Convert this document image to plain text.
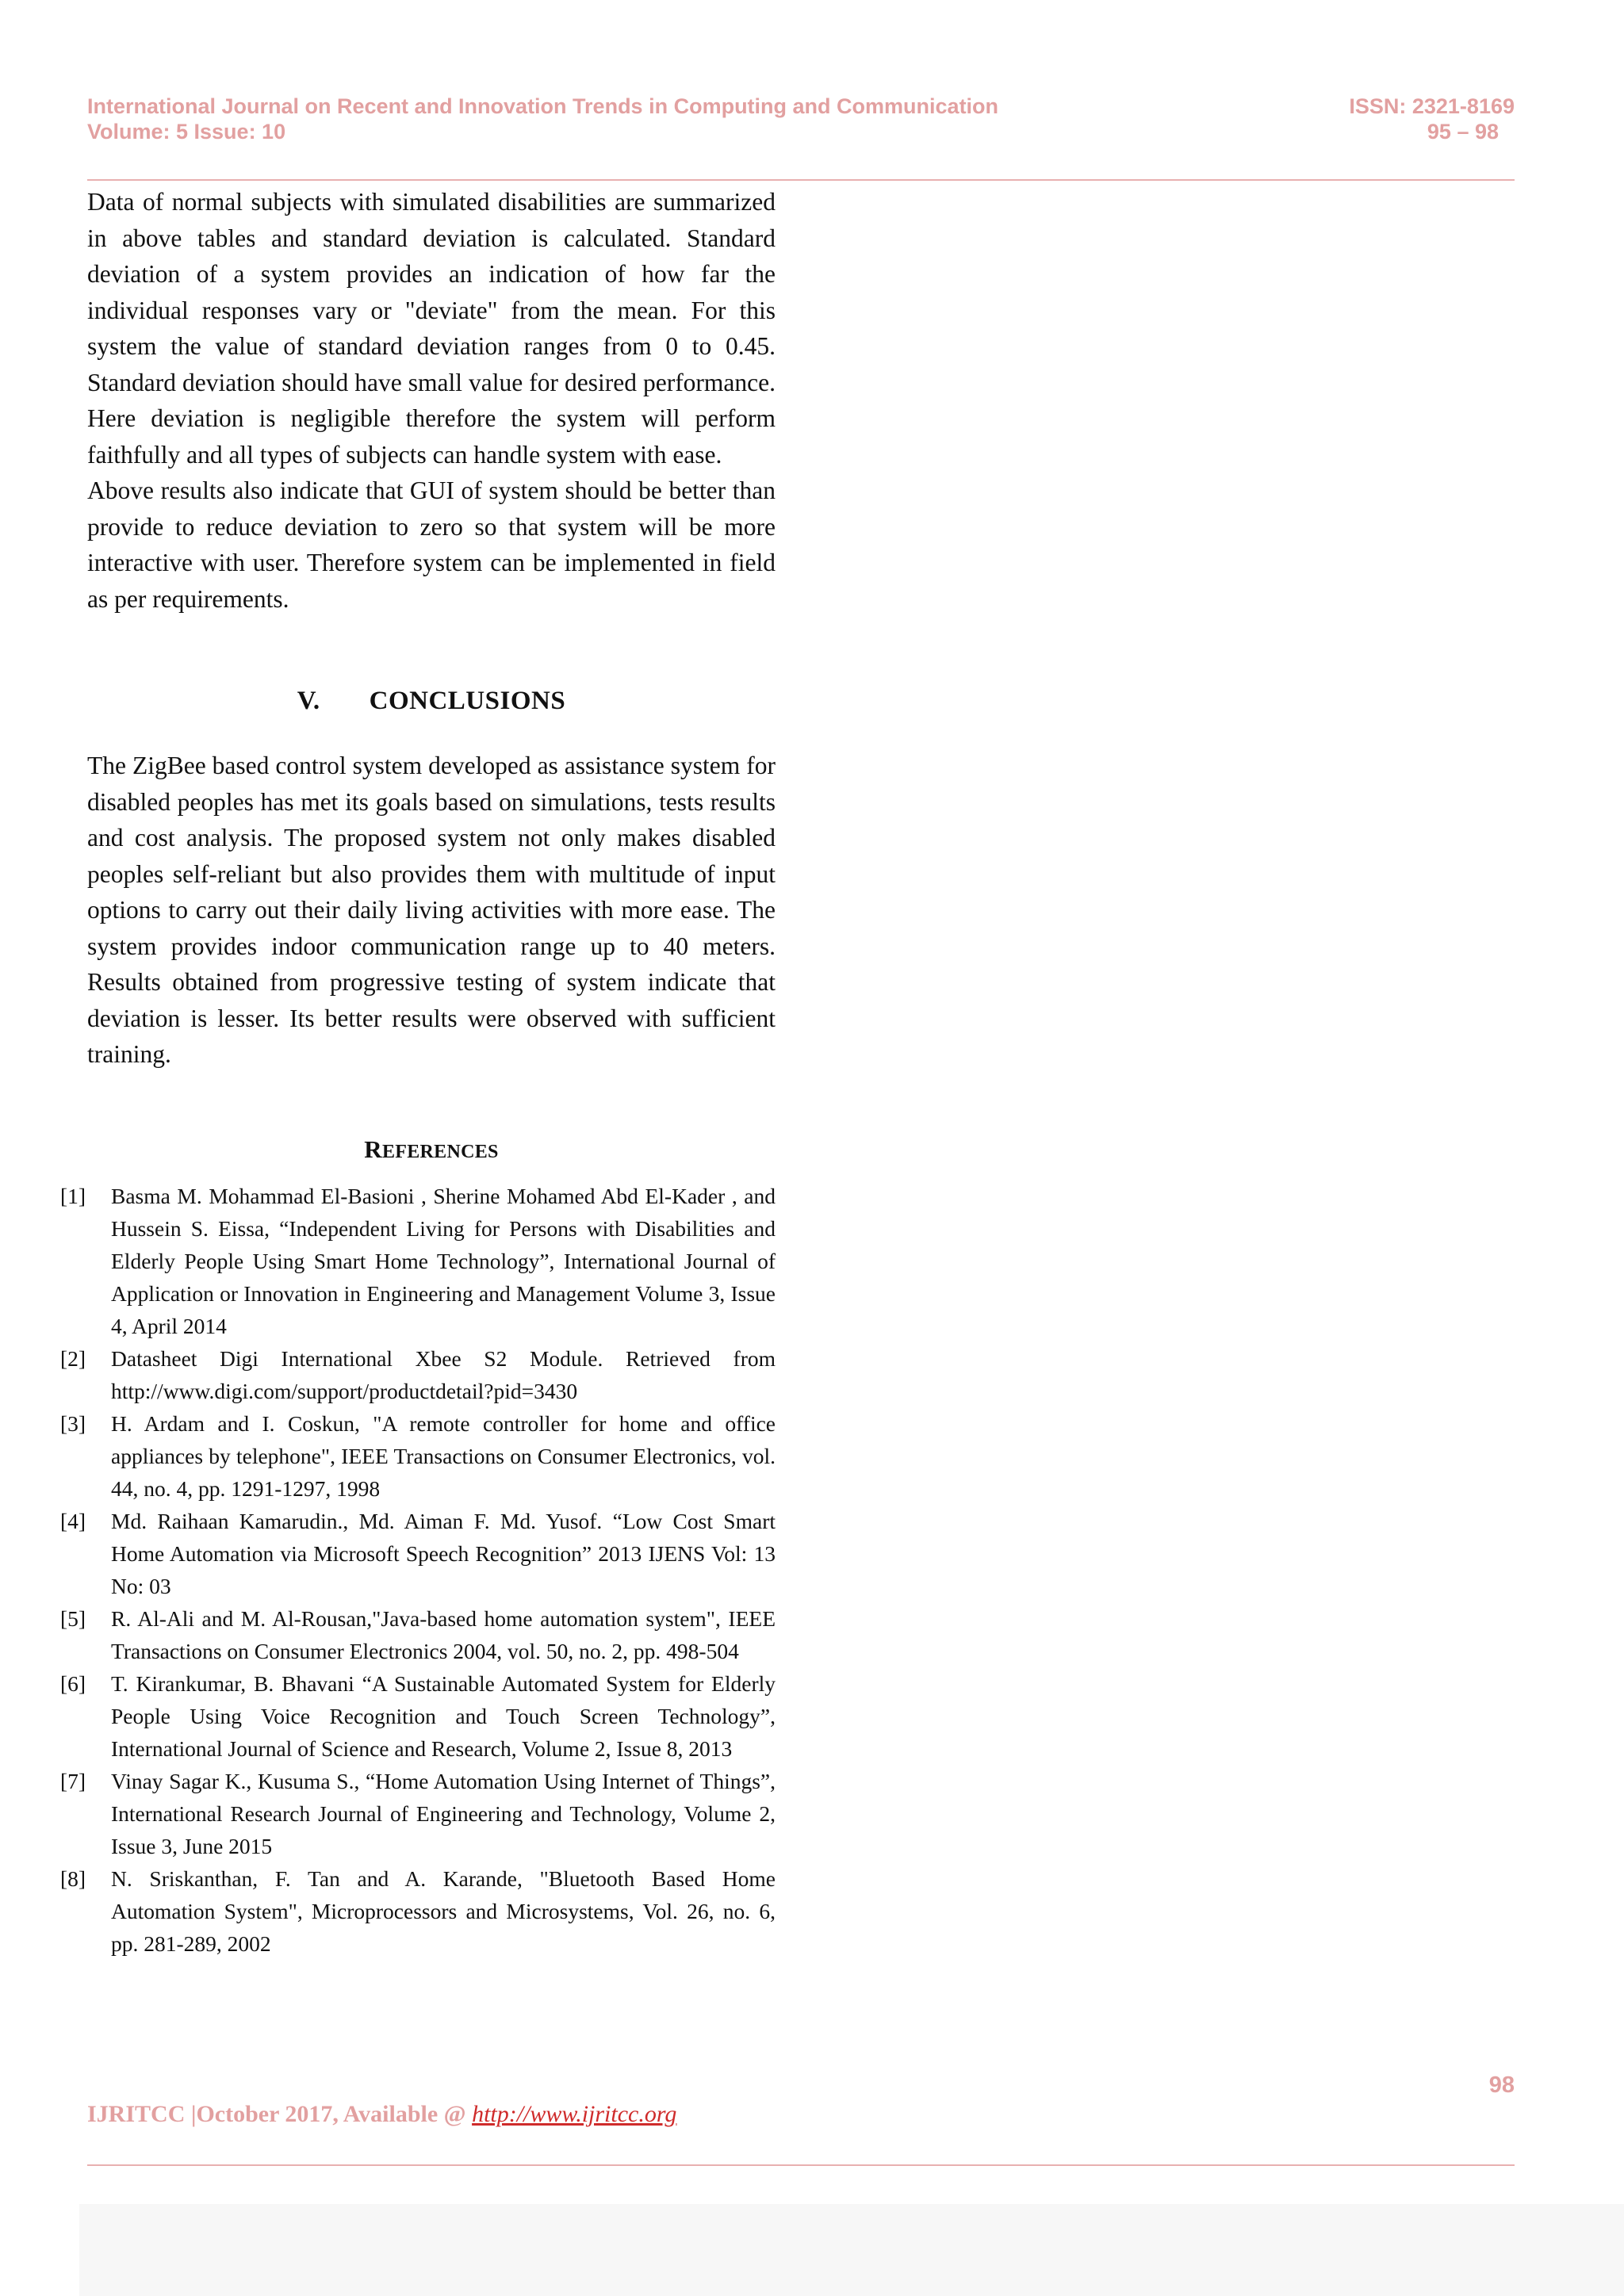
International Journal on Recent and Innovation Trends in Computing and Communication
Volume: 5 Issue: 10
ISSN: 2321-8169
95 – 98

Data of normal subjects with simulated disabilities are summarized in above tables and standard deviation is calculated. Standard deviation of a system provides an indication of how far the individual responses vary or "deviate" from the mean. For this system the value of standard deviation ranges from 0 to 0.45. Standard deviation should have small value for desired performance. Here deviation is negligible therefore the system will perform faithfully and all types of subjects can handle system with ease.

Above results also indicate that GUI of system should be better than provide to reduce deviation to zero so that system will be more interactive with user. Therefore system can be implemented in field as per requirements.

V. CONCLUSIONS

The ZigBee based control system developed as assistance system for disabled peoples has met its goals based on simulations, tests results and cost analysis. The proposed system not only makes disabled peoples self-reliant but also provides them with multitude of input options to carry out their daily living activities with more ease. The system provides indoor communication range up to 40 meters. Results obtained from progressive testing of system indicate that deviation is lesser. Its better results were observed with sufficient training.

REFERENCES
[1]	Basma M. Mohammad El-Basioni , Sherine Mohamed Abd El-Kader , and Hussein S. Eissa, “Independent Living for Persons with Disabilities and Elderly People Using Smart Home Technology”, International Journal of Application or Innovation in Engineering and Management Volume 3, Issue 4, April 2014
[2]	Datasheet Digi International Xbee S2 Module. Retrieved from http://www.digi.com/support/productdetail?pid=3430
[3]	H. Ardam and I. Coskun, "A remote controller for home and office appliances by telephone", IEEE Transactions on Consumer Electronics, vol. 44, no. 4, pp. 1291-1297, 1998
[4]	Md. Raihaan Kamarudin., Md. Aiman F. Md. Yusof. “Low Cost Smart Home Automation via Microsoft Speech Recognition” 2013 IJENS Vol: 13 No: 03
[5]	R. Al-Ali and M. Al-Rousan,"Java-based home automation system", IEEE Transactions on Consumer Electronics 2004, vol. 50, no. 2, pp. 498-504
[6]	T. Kirankumar, B. Bhavani “A Sustainable Automated System for Elderly People Using Voice Recognition and Touch Screen Technology”, International Journal of Science and Research, Volume 2, Issue 8, 2013
[7]	Vinay Sagar K., Kusuma S., “Home Automation Using Internet of Things”, International Research Journal of Engineering and Technology, Volume 2, Issue 3, June 2015
[8]	N. Sriskanthan, F. Tan and A. Karande, "Bluetooth Based Home Automation System", Microprocessors and Microsystems, Vol. 26, no. 6, pp. 281-289, 2002
98
IJRITCC |October 2017, Available @ http://www.ijritcc.org
